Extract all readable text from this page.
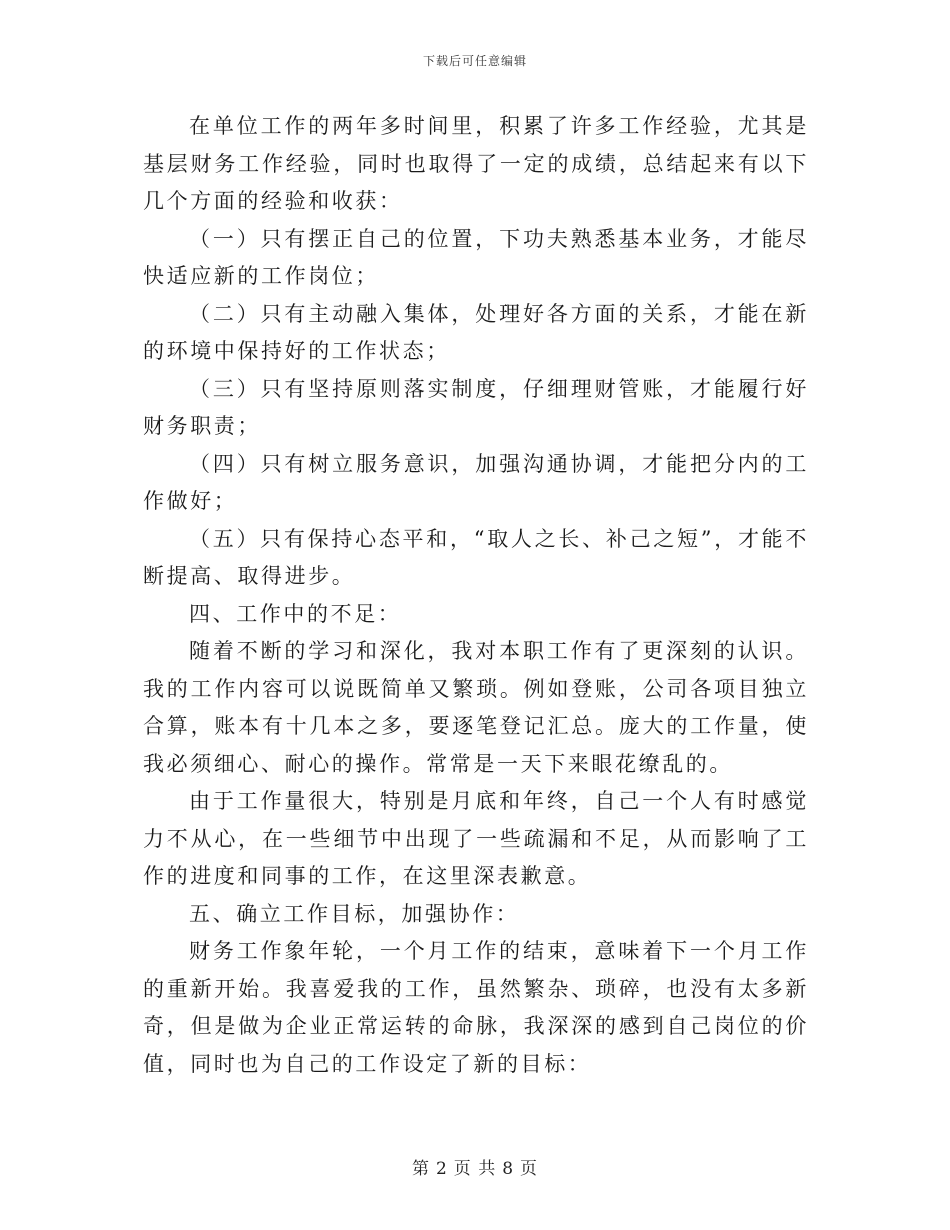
下载后可任意编辑

在单位工作的两年多时间里，积累了许多工作经验，尤其是基层财务工作经验，同时也取得了一定的成绩，总结起来有以下几个方面的经验和收获：

（一）只有摆正自己的位置，下功夫熟悉基本业务，才能尽快适应新的工作岗位；

（二）只有主动融入集体，处理好各方面的关系，才能在新的环境中保持好的工作状态；

（三）只有坚持原则落实制度，仔细理财管账，才能履行好财务职责；

（四）只有树立服务意识，加强沟通协调，才能把分内的工作做好；

（五）只有保持心态平和，“取人之长、补己之短”，才能不断提高、取得进步。

四、工作中的不足：

随着不断的学习和深化，我对本职工作有了更深刻的认识。我的工作内容可以说既简单又繁琐。例如登账，公司各项目独立合算，账本有十几本之多，要逐笔登记汇总。庞大的工作量，使我必须细心、耐心的操作。常常是一天下来眼花缭乱的。

由于工作量很大，特别是月底和年终，自己一个人有时感觉力不从心，在一些细节中出现了一些疏漏和不足，从而影响了工作的进度和同事的工作，在这里深表歉意。

五、确立工作目标，加强协作：

财务工作象年轮，一个月工作的结束，意味着下一个月工作的重新开始。我喜爱我的工作，虽然繁杂、琐碎，也没有太多新奇，但是做为企业正常运转的命脉，我深深的感到自己岗位的价值，同时也为自己的工作设定了新的目标：

第 2 页 共 8 页
